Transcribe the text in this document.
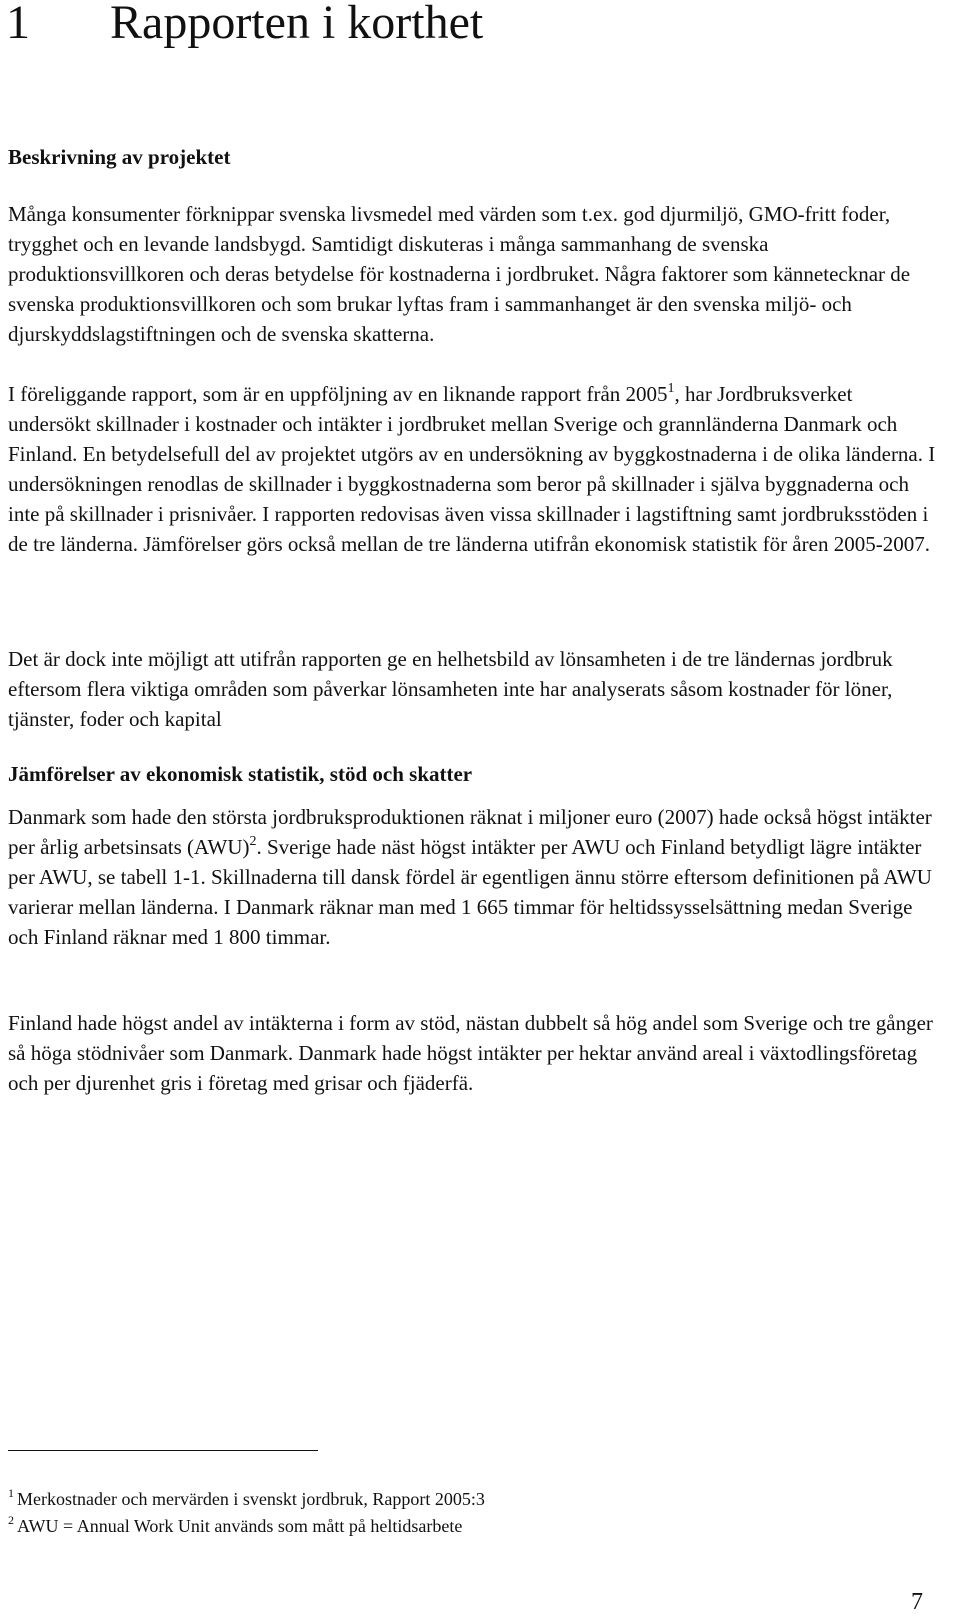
1 Rapporten i korthet
Beskrivning av projektet

Många konsumenter förknippar svenska livsmedel med värden som t.ex. god djurmiljö, GMO-fritt foder, trygghet och en levande landsbygd. Samtidigt diskuteras i många sammanhang de svenska produktionsvillkoren och deras betydelse för kostnaderna i jordbruket. Några faktorer som kännetecknar de svenska produktionsvillkoren och som brukar lyftas fram i sammanhanget är den svenska miljö- och djurskyddslagstiftningen och de svenska skatterna.

I föreliggande rapport, som är en uppföljning av en liknande rapport från 2005$^1$, har Jordbruksverket undersökt skillnader i kostnader och intäkter i jordbruket mellan Sverige och grannländerna Danmark och Finland. En betydelsefull del av projektet utgörs av en undersökning av byggkostnaderna i de olika länderna. I undersökningen renodlas de skillnader i byggkostnaderna som beror på skillnader i själva byggnaderna och inte på skillnader i prisnivåer. I rapporten redovisas även vissa skillnader i lagstiftning samt jordbruksstöden i de tre länderna. Jämförelser görs också mellan de tre länderna utifrån ekonomisk statistik för åren 2005-2007.

Det är dock inte möjligt att utifrån rapporten ge en helhetsbild av lönsamheten i de tre ländernas jordbruk eftersom flera viktiga områden som påverkar lönsamheten inte har analyserats såsom kostnader för löner, tjänster, foder och kapital

Jämförelser av ekonomisk statistik, stöd och skatter

Danmark som hade den största jordbruksproduktionen räknat i miljoner euro (2007) hade också högst intäkter per årlig arbetsinsats (AWU)$^2$. Sverige hade näst högst intäkter per AWU och Finland betydligt lägre intäkter per AWU, se tabell 1-1. Skillnaderna till dansk fördel är egentligen ännu större eftersom definitionen på AWU varierar mellan länderna. I Danmark räknar man med 1 665 timmar för heltidssysselsättning medan Sverige och Finland räknar med 1 800 timmar.

Finland hade högst andel av intäkterna i form av stöd, nästan dubbelt så hög andel som Sverige och tre gånger så höga stödnivåer som Danmark. Danmark hade högst intäkter per hektar använd areal i växtodlingsföretag och per djurenhet gris i företag med grisar och fjäderfä.

$^1$ Merkostnader och mervärden i svenskt jordbruk, Rapport 2005:3
$^2$ AWU = Annual Work Unit används som mått på heltidsarbete
7
